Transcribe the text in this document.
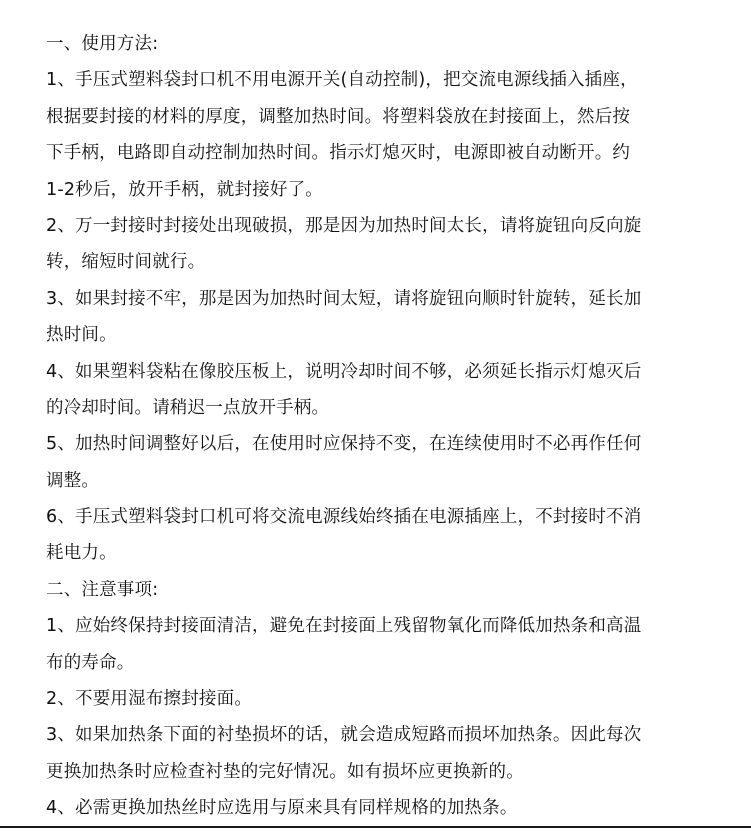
一、使用方法:
1、手压式塑料袋封口机不用电源开关(自动控制)，把交流电源线插入插座，
根据要封接的材料的厚度，调整加热时间。将塑料袋放在封接面上，然后按
下手柄，电路即自动控制加热时间。指示灯熄灭时，电源即被自动断开。约
1-2秒后，放开手柄，就封接好了。
2、万一封接时封接处出现破损，那是因为加热时间太长，请将旋钮向反向旋
转，缩短时间就行。
3、如果封接不牢，那是因为加热时间太短，请将旋钮向顺时针旋转，延长加
热时间。
4、如果塑料袋粘在像胶压板上，说明冷却时间不够，必须延长指示灯熄灭后
的冷却时间。请稍迟一点放开手柄。
5、加热时间调整好以后，在使用时应保持不变，在连续使用时不必再作任何
调整。
6、手压式塑料袋封口机可将交流电源线始终插在电源插座上，不封接时不消
耗电力。
二、注意事项:
1、应始终保持封接面清洁，避免在封接面上残留物氧化而降低加热条和高温
布的寿命。
2、不要用湿布擦封接面。
3、如果加热条下面的衬垫损坏的话，就会造成短路而损坏加热条。因此每次
更换加热条时应检查衬垫的完好情况。如有损坏应更换新的。
4、必需更换加热丝时应选用与原来具有同样规格的加热条。
